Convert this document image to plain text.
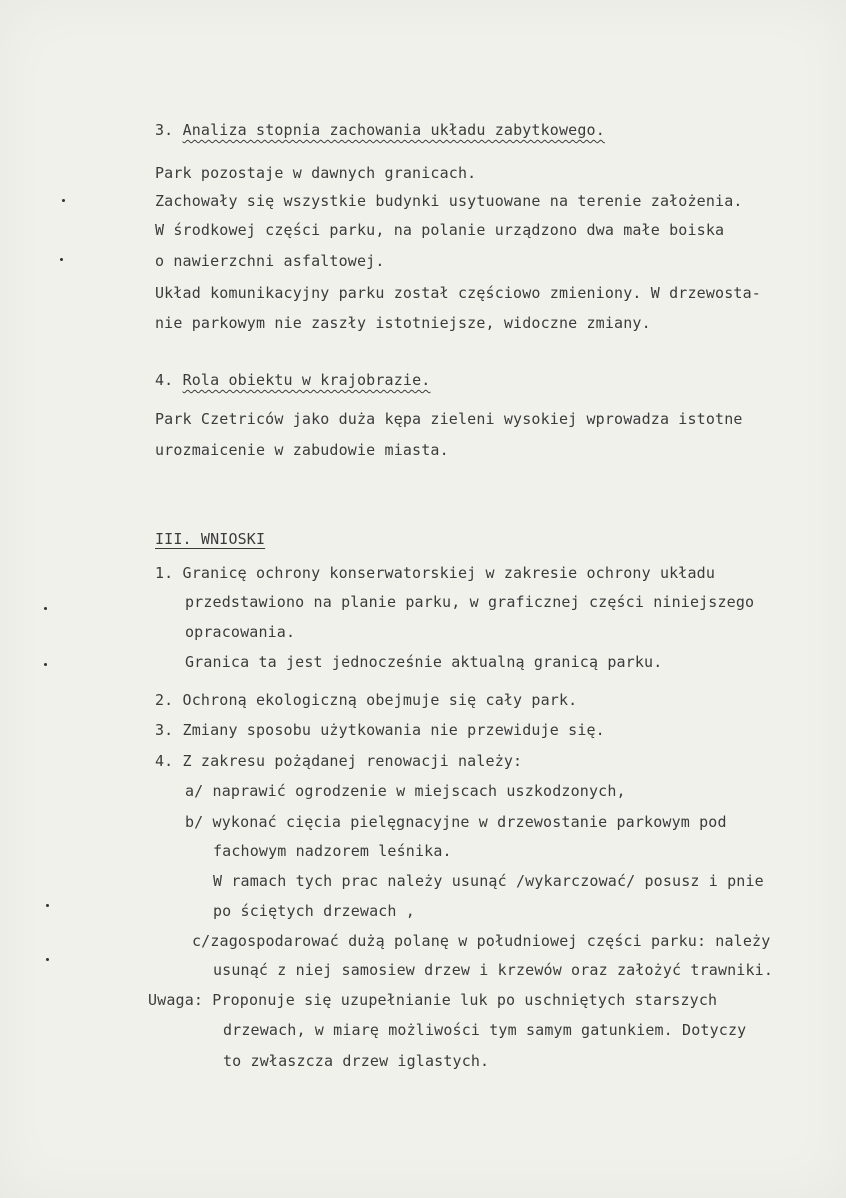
3. Analiza stopnia zachowania układu zabytkowego.
Park pozostaje w dawnych granicach.
Zachowały się wszystkie budynki usytuowane na terenie założenia.
W środkowej części parku, na polanie urządzono dwa małe boiska
o nawierzchni asfaltowej.
Układ komunikacyjny parku został częściowo zmieniony. W drzewosta-
nie parkowym nie zaszły istotniejsze, widoczne zmiany.
4. Rola obiektu w krajobrazie.
Park Czetriców jako duża kępa zieleni wysokiej wprowadza istotne
urozmaicenie w zabudowie miasta.
III. WNIOSKI
1. Granicę ochrony konserwatorskiej w zakresie ochrony układu
przedstawiono na planie parku, w graficznej części niniejszego
opracowania.
Granica ta jest jednocześnie aktualną granicą parku.
2. Ochroną ekologiczną obejmuje się cały park.
3. Zmiany sposobu użytkowania nie przewiduje się.
4. Z zakresu pożądanej renowacji należy:
a/ naprawić ogrodzenie w miejscach uszkodzonych,
b/ wykonać cięcia pielęgnacyjne w drzewostanie parkowym pod
fachowym nadzorem leśnika.
W ramach tych prac należy usunąć /wykarczować/ posusz i pnie
po ściętych drzewach ,
c/zagospodarować dużą polanę w południowej części parku: należy
usunąć z niej samosiew drzew i krzewów oraz założyć trawniki.
Uwaga: Proponuje się uzupełnianie luk po uschniętych starszych
drzewach, w miarę możliwości tym samym gatunkiem. Dotyczy
to zwłaszcza drzew iglastych.
